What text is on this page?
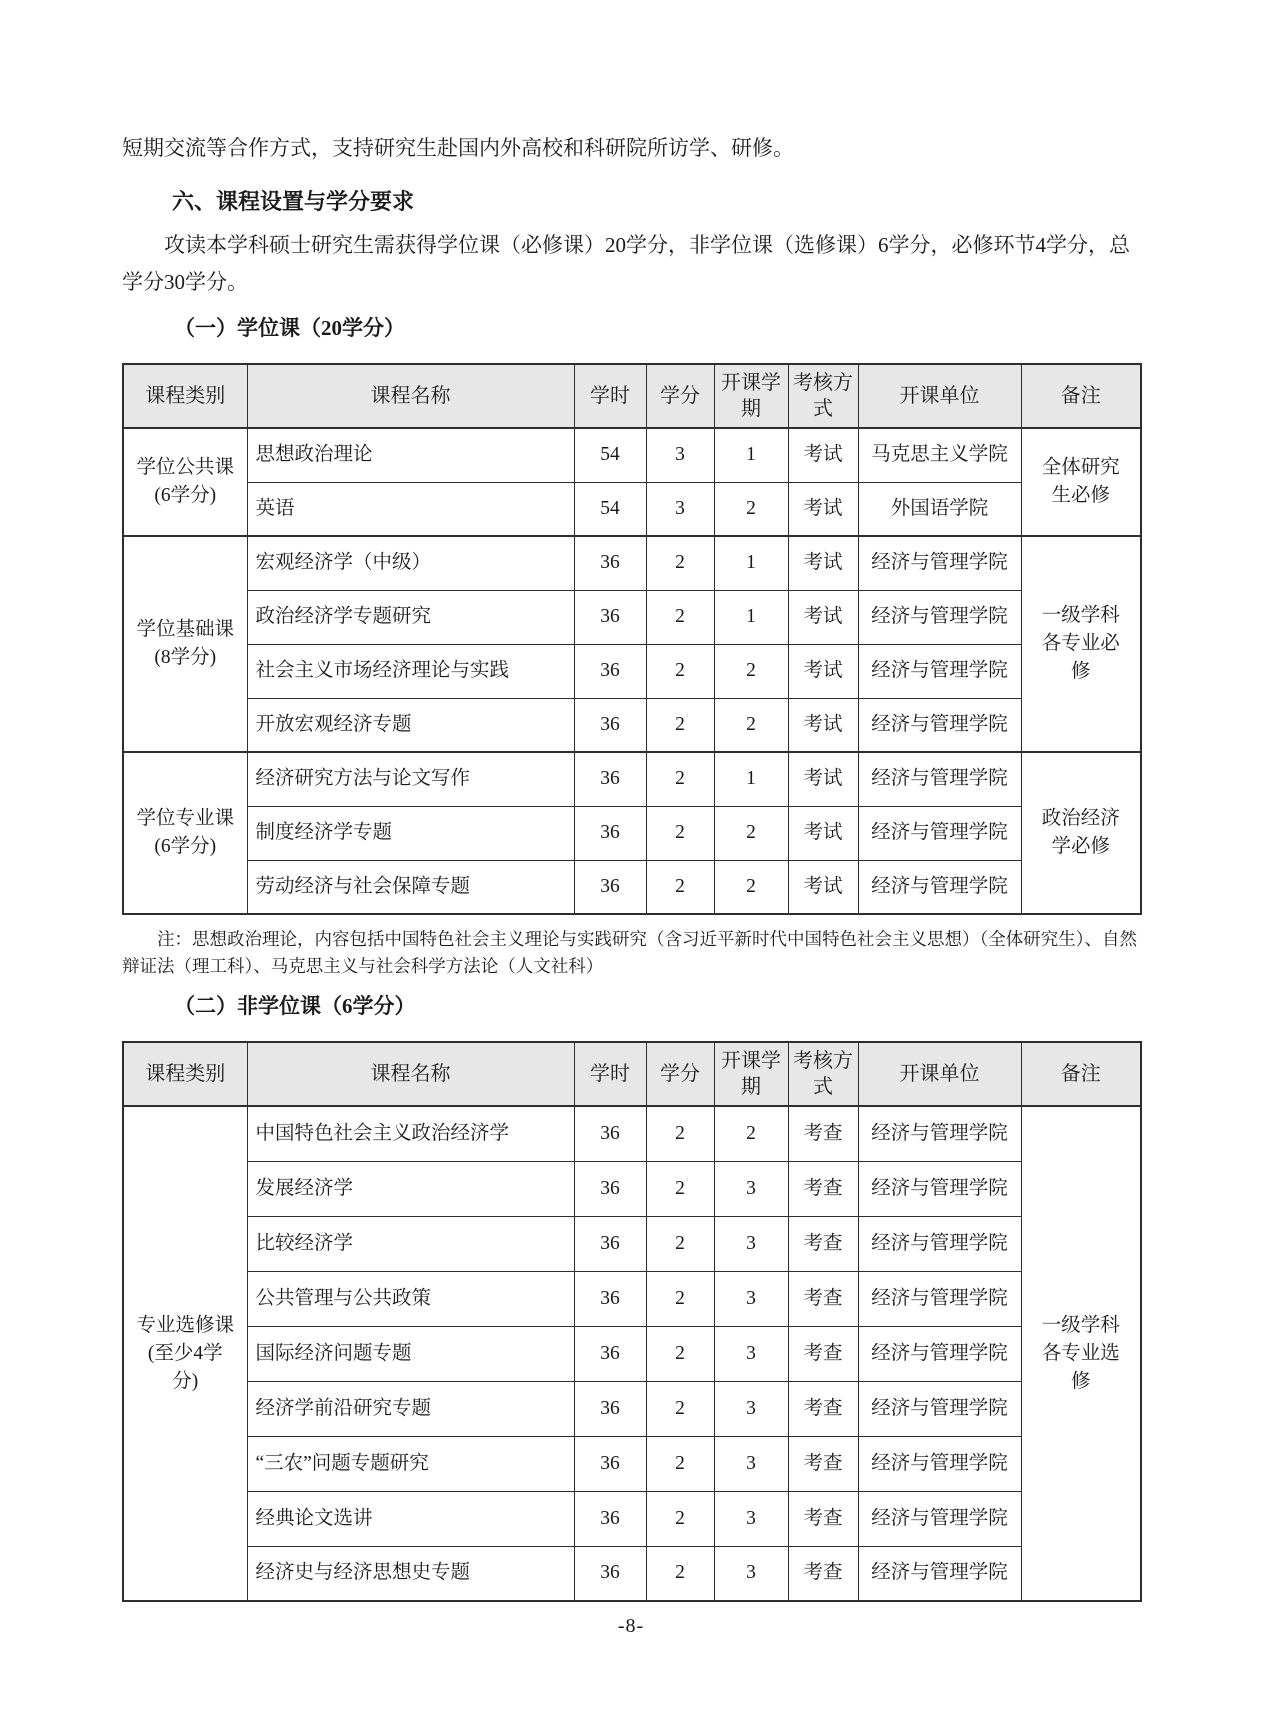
短期交流等合作方式，支持研究生赴国内外高校和科研院所访学、研修。

六、课程设置与学分要求

攻读本学科硕士研究生需获得学位课（必修课）20学分，非学位课（选修课）6学分，必修环节4学分，总学分30学分。

（一）学位课（20学分）
课程类别	课程名称	学时	学分	开课学期	考核方式	开课单位	备注
学位公共课(6学分)	思想政治理论	54	3	1	考试	马克思主义学院	全体研究生必修
	英语	54	3	2	考试	外国语学院	
学位基础课(8学分)	宏观经济学（中级）	36	2	1	考试	经济与管理学院	一级学科各专业必修
	政治经济学专题研究	36	2	1	考试	经济与管理学院	
	社会主义市场经济理论与实践	36	2	2	考试	经济与管理学院	
	开放宏观经济专题	36	2	2	考试	经济与管理学院	
学位专业课(6学分)	经济研究方法与论文写作	36	2	1	考试	经济与管理学院	政治经济学必修
	制度经济学专题	36	2	2	考试	经济与管理学院	
	劳动经济与社会保障专题	36	2	2	考试	经济与管理学院	

注：思想政治理论，内容包括中国特色社会主义理论与实践研究（含习近平新时代中国特色社会主义思想）（全体研究生）、自然辩证法（理工科）、马克思主义与社会科学方法论（人文社科）

（二）非学位课（6学分）
课程类别	课程名称	学时	学分	开课学期	考核方式	开课单位	备注
专业选修课(至少4学分)	中国特色社会主义政治经济学	36	2	2	考查	经济与管理学院	一级学科各专业选修
	发展经济学	36	2	3	考查	经济与管理学院	
	比较经济学	36	2	3	考查	经济与管理学院	
	公共管理与公共政策	36	2	3	考查	经济与管理学院	
	国际经济问题专题	36	2	3	考查	经济与管理学院	
	经济学前沿研究专题	36	2	3	考查	经济与管理学院	
	“三农”问题专题研究	36	2	3	考查	经济与管理学院	
	经典论文选讲	36	2	3	考查	经济与管理学院	
	经济史与经济思想史专题	36	2	3	考查	经济与管理学院	
-8-
